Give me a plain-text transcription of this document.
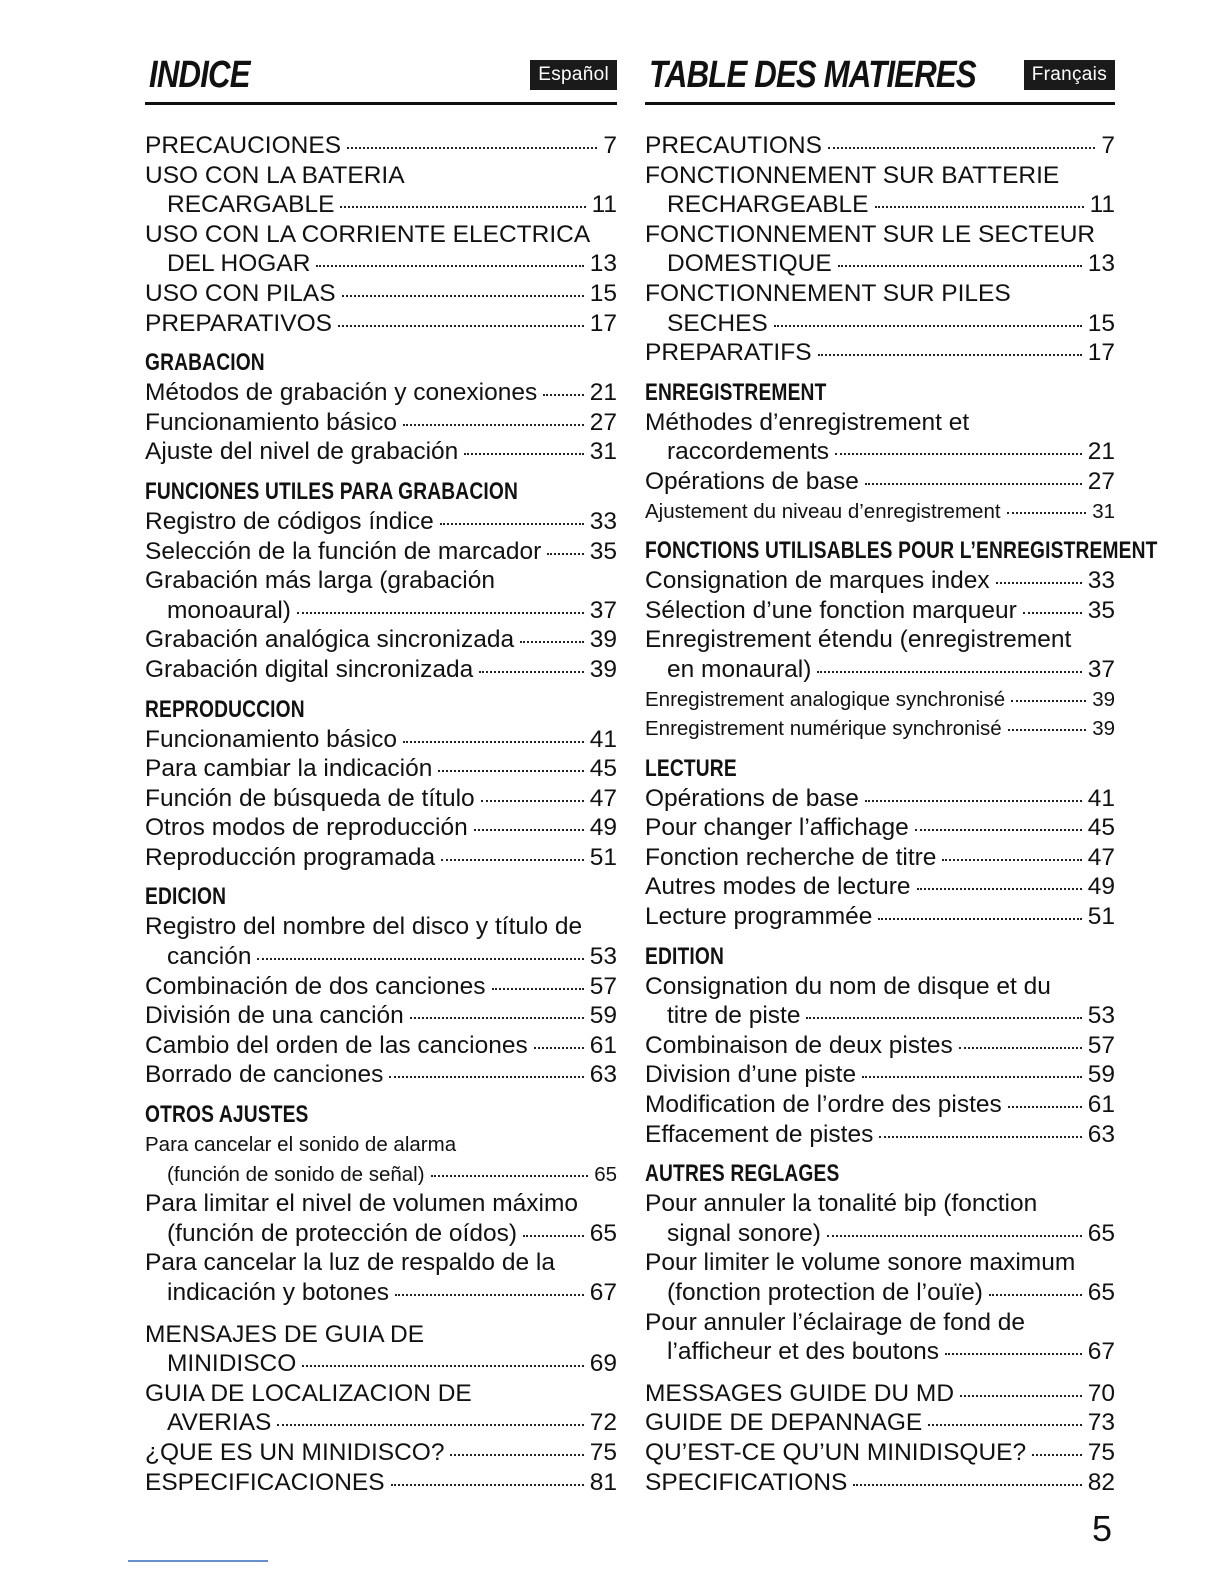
INDICE	Español
PRECAUCIONES	7
USO CON LA BATERIA
RECARGABLE	11
USO CON LA CORRIENTE ELECTRICA
DEL HOGAR	13
USO CON PILAS	15
PREPARATIVOS	17
GRABACION
Métodos de grabación y conexiones 21
Funcionamiento básico	27
Ajuste del nivel de grabación	31
FUNCIONES UTILES PARA GRABACION
Registro de códigos índice	33
Selección de la función de marcador 35
Grabación más larga (grabación
monoaural)	37
Grabación analógica sincronizada	39
Grabación digital sincronizada	39
REPRODUCCION
Funcionamiento básico	41
Para cambiar la indicación	45
Función de búsqueda de título	47
Otros modos de reproducción	49
Reproducción programada	51
EDICION
Registro del nombre del disco y título de
canción	53
Combinación de dos canciones	57
División de una canción	59
Cambio del orden de las canciones	61
Borrado de canciones	63
OTROS AJUSTES
Para cancelar el sonido de alarma
(función de sonido de señal)	65
Para limitar el nivel de volumen máximo
(función de protección de oídos)	65
Para cancelar la luz de respaldo de la
indicación y botones	67
MENSAJES DE GUIA DE
MINIDISCO	69
GUIA DE LOCALIZACION DE
AVERIAS	72
¿QUE ES UN MINIDISCO?	75
ESPECIFICACIONES	81
TABLE DES MATIERES	Français
PRECAUTIONS	7
FONCTIONNEMENT SUR BATTERIE
RECHARGEABLE	11
FONCTIONNEMENT SUR LE SECTEUR
DOMESTIQUE	13
FONCTIONNEMENT SUR PILES
SECHES	15
PREPARATIFS	17
ENREGISTREMENT
Méthodes d’enregistrement et
raccordements	21
Opérations de base	27
Ajustement du niveau d’enregistrement	31
FONCTIONS UTILISABLES POUR L’ENREGISTREMENT
Consignation de marques index	33
Sélection d’une fonction marqueur	35
Enregistrement étendu (enregistrement
en monaural)	37
Enregistrement analogique synchronisé	39
Enregistrement numérique synchronisé	39
LECTURE
Opérations de base	41
Pour changer l’affichage	45
Fonction recherche de titre	47
Autres modes de lecture	49
Lecture programmée	51
EDITION
Consignation du nom de disque et du
titre de piste	53
Combinaison de deux pistes	57
Division d’une piste	59
Modification de l’ordre des pistes	61
Effacement de pistes	63
AUTRES REGLAGES
Pour annuler la tonalité bip (fonction
signal sonore)	65
Pour limiter le volume sonore maximum
(fonction protection de l’ouïe)	65
Pour annuler l’éclairage de fond de
l’afficheur et des boutons	67
MESSAGES GUIDE DU MD	70
GUIDE DE DEPANNAGE	73
QU’EST-CE QU’UN MINIDISQUE?	75
SPECIFICATIONS	82
5
